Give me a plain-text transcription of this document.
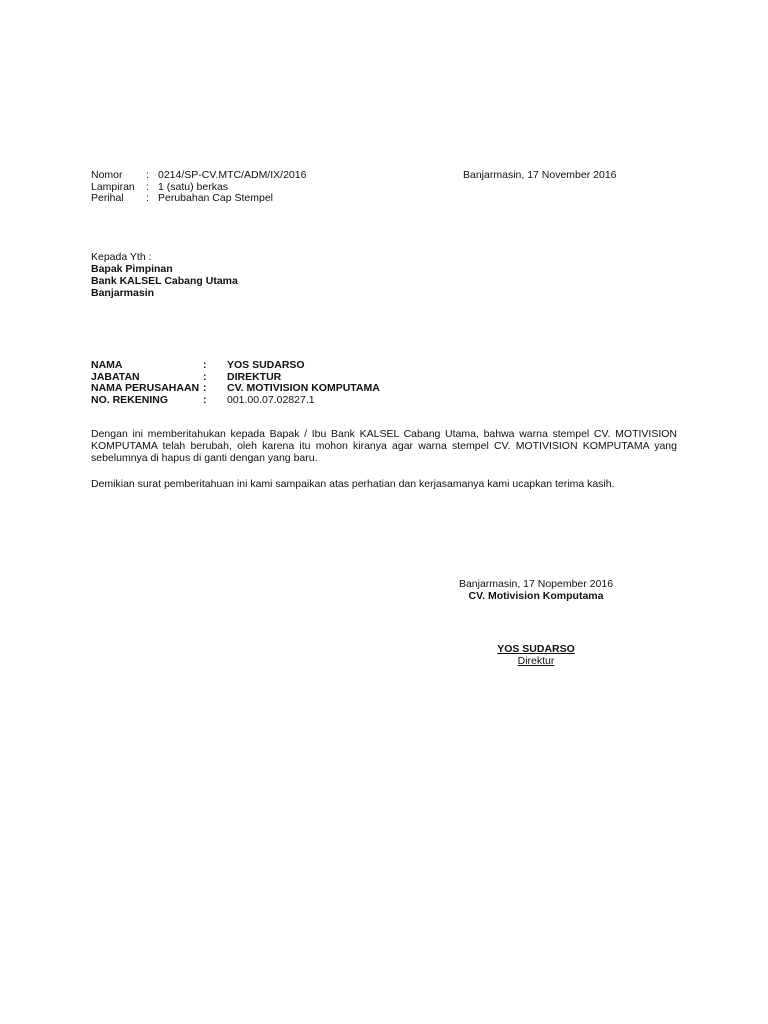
Nomor	: 0214/SP-CV.MTC/ADM/IX/2016
Lampiran	: 1 (satu) berkas
Perihal	: Perubahan Cap Stempel
Banjarmasin, 17 November 2016
Kepada Yth :
Bapak Pimpinan
Bank KALSEL Cabang Utama
Banjarmasin
NAMA	:	YOS SUDARSO
JABATAN	:	DIREKTUR
NAMA PERUSAHAAN :	CV. MOTIVISION KOMPUTAMA
NO. REKENING	:	001.00.07.02827.1

Dengan ini memberitahukan kepada Bapak / Ibu Bank KALSEL Cabang Utama, bahwa warna stempel CV. MOTIVISION KOMPUTAMA telah berubah, oleh karena itu mohon kiranya agar warna stempel CV. MOTIVISION KOMPUTAMA yang sebelumnya di hapus di ganti dengan yang baru.

Demikian surat pemberitahuan ini kami sampaikan atas perhatian dan kerjasamanya kami ucapkan terima kasih.

Banjarmasin, 17 Nopember 2016
CV. Motivision Komputama
YOS SUDARSO
Direktur
